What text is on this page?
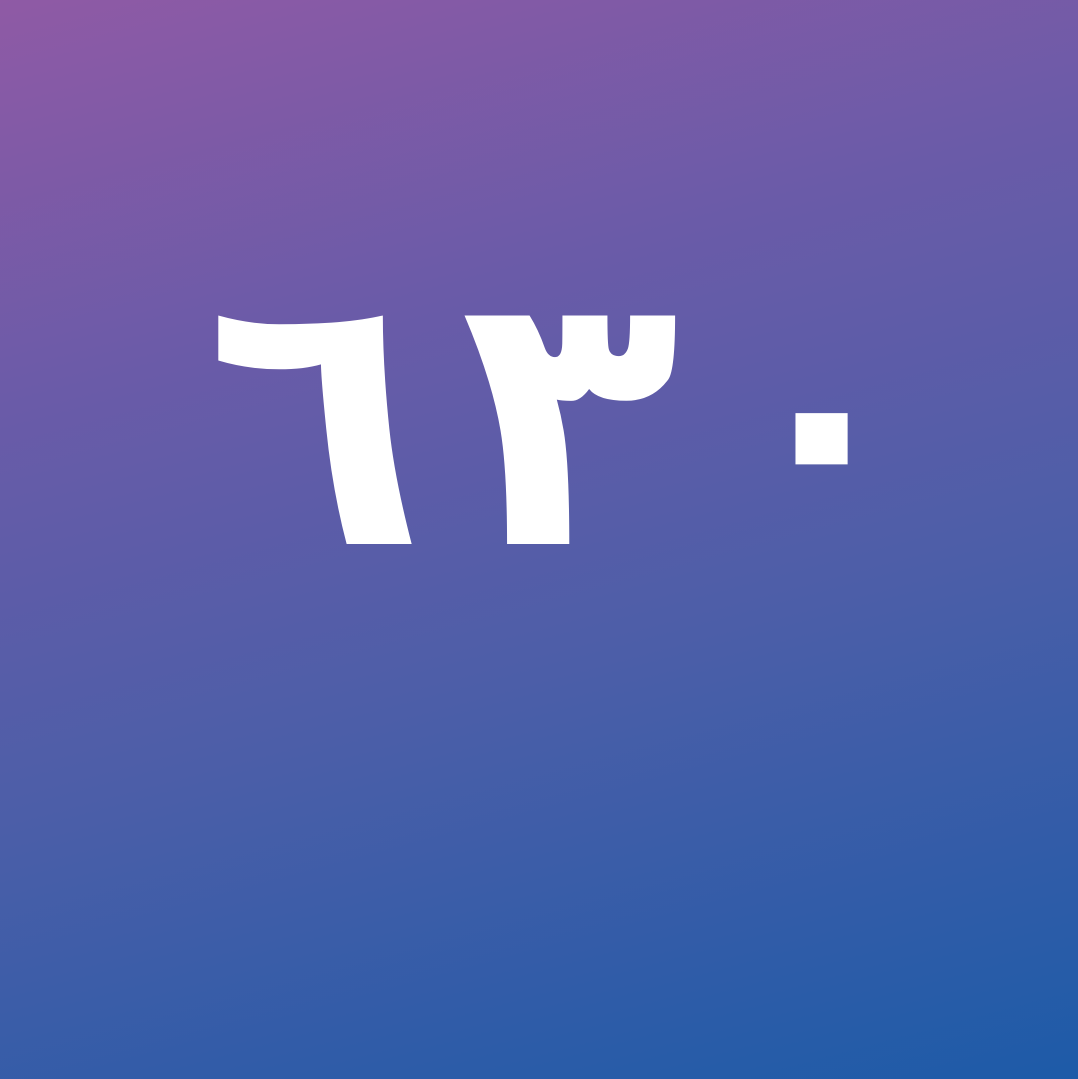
٦ ٣ ٠
